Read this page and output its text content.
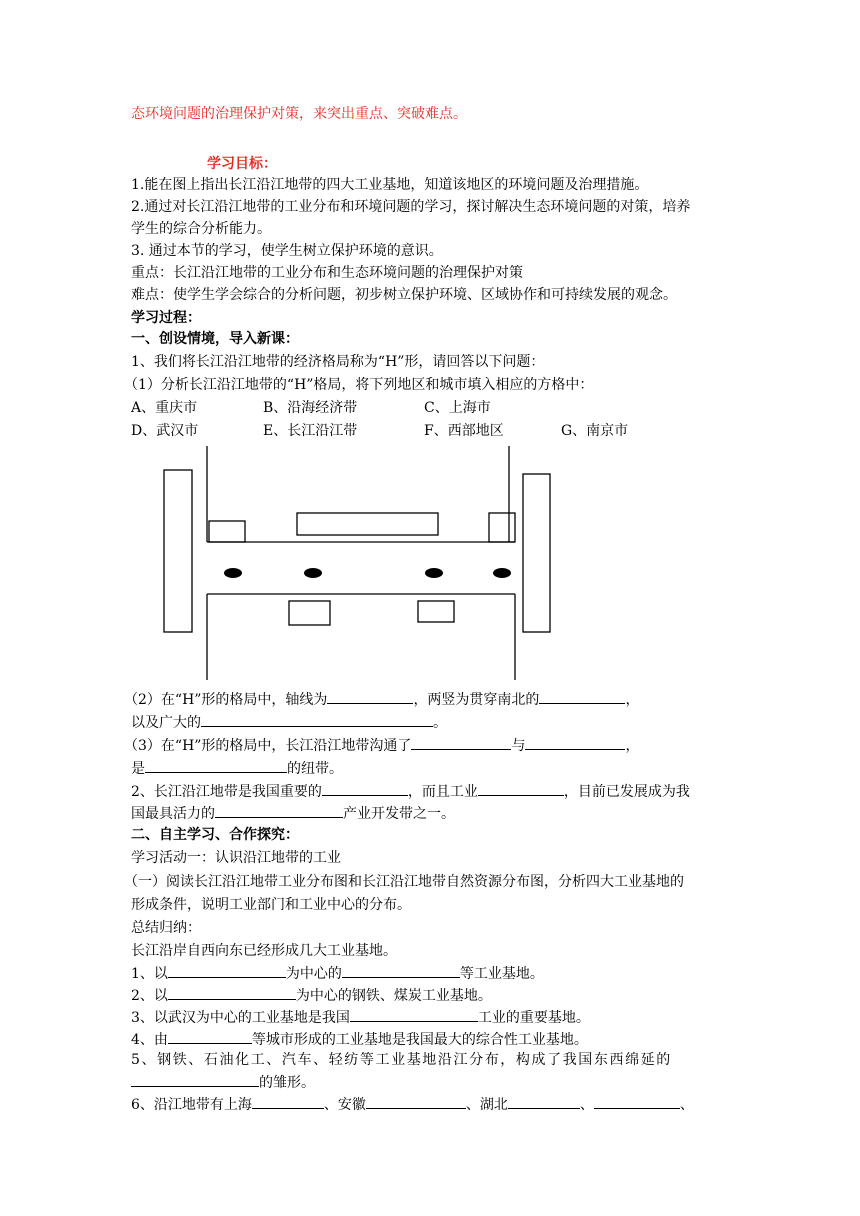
态环境问题的治理保护对策，来突出重点、突破难点。
学习目标：
1.能在图上指出长江沿江地带的四大工业基地，知道该地区的环境问题及治理措施。
2.通过对长江沿江地带的工业分布和环境问题的学习，探讨解决生态环境问题的对策，培养
学生的综合分析能力。
3. 通过本节的学习，使学生树立保护环境的意识。
重点：长江沿江地带的工业分布和生态环境问题的治理保护对策
难点：使学生学会综合的分析问题，初步树立保护环境、区域协作和可持续发展的观念。
学习过程：
一、创设情境，导入新课：
1、我们将长江沿江地带的经济格局称为“H”形，请回答以下问题：
（1）分析长江沿江地带的“H”格局，将下列地区和城市填入相应的方格中：
A、重庆市	B、沿海经济带	C、上海市
D、武汉市	E、长江沿江带	F、西部地区	G、南京市
（2）在“H”形的格局中，轴线为	，两竖为贯穿南北的	，
以及广大的	。
（3）在“H”形的格局中，长江沿江地带沟通了	与	，
是	的纽带。
2、长江沿江地带是我国重要的	，而且工业	，目前已发展成为我
国最具活力的	产业开发带之一。
二、自主学习、合作探究：
学习活动一：认识沿江地带的工业
（一）阅读长江沿江地带工业分布图和长江沿江地带自然资源分布图，分析四大工业基地的
形成条件，说明工业部门和工业中心的分布。
总结归纳：
长江沿岸自西向东已经形成几大工业基地。
1、以	为中心的	等工业基地。
2、以	为中心的钢铁、煤炭工业基地。
3、以武汉为中心的工业基地是我国	工业的重要基地。
4、由	等城市形成的工业基地是我国最大的综合性工业基地。
5、钢铁、石油化工、汽车、轻纺等工业基地沿江分布，构成了我国东西绵延的
的雏形。
6、沿江地带有上海	、安徽	、湖北	、	、
